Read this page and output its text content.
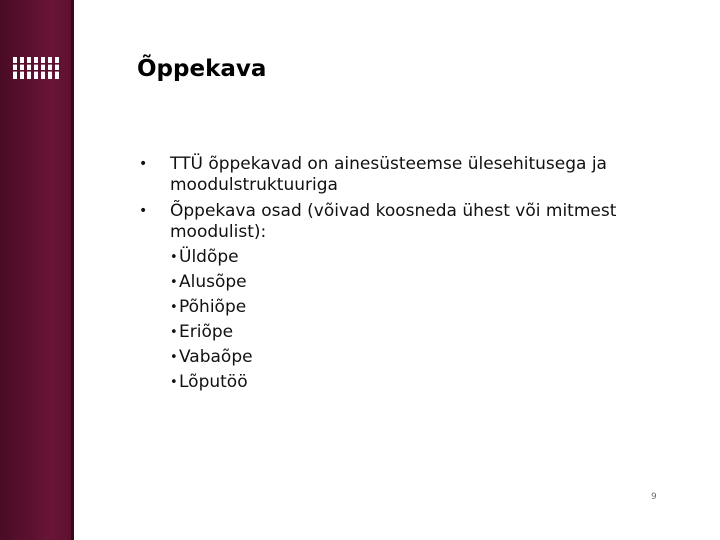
Õppekava
• TTÜ õppekavad on ainesüsteemse ülesehitusega ja moodulstruktuuriga
• Õppekava osad (võivad koosneda ühest või mitmest moodulist):
• Üldõpe
• Alusõpe
• Põhiõpe
• Eriõpe
• Vabaõpe
• Lõputöö
9
